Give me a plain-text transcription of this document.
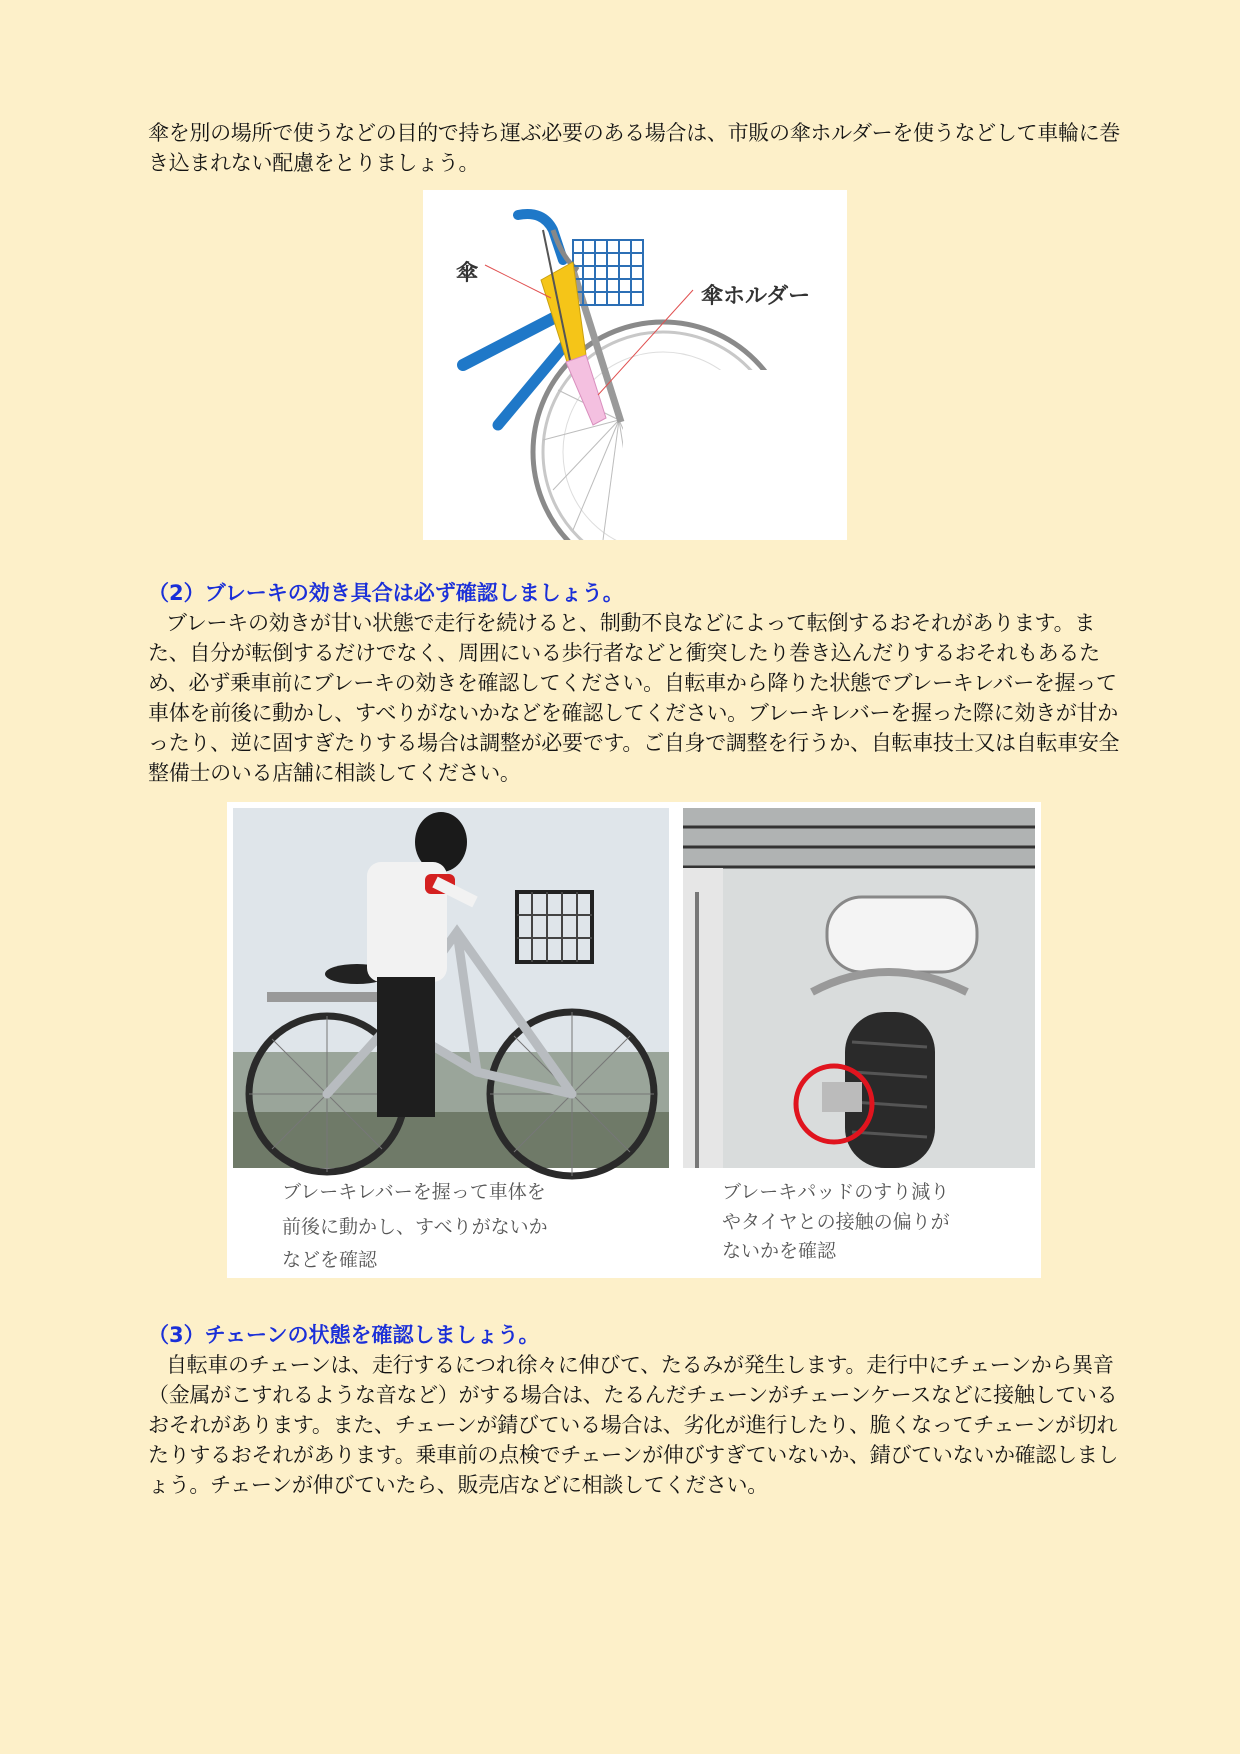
傘を別の場所で使うなどの目的で持ち運ぶ必要のある場合は、市販の傘ホルダーを使うなどして車輪に巻き込まれない配慮をとりましょう。

傘
傘ホルダー

（2）ブレーキの効き具合は必ず確認しましょう。

ブレーキの効きが甘い状態で走行を続けると、制動不良などによって転倒するおそれがあります。また、自分が転倒するだけでなく、周囲にいる歩行者などと衝突したり巻き込んだりするおそれもあるため、必ず乗車前にブレーキの効きを確認してください。自転車から降りた状態でブレーキレバーを握って車体を前後に動かし、すべりがないかなどを確認してください。ブレーキレバーを握った際に効きが甘かったり、逆に固すぎたりする場合は調整が必要です。ご自身で調整を行うか、自転車技士又は自転車安全整備士のいる店舗に相談してください。

ブレーキレバーを握って車体を
前後に動かし、すべりがないか
などを確認
ブレーキパッドのすり減り
やタイヤとの接触の偏りが
ないかを確認

（3）チェーンの状態を確認しましょう。

自転車のチェーンは、走行するにつれ徐々に伸びて、たるみが発生します。走行中にチェーンから異音（金属がこすれるような音など）がする場合は、たるんだチェーンがチェーンケースなどに接触しているおそれがあります。また、チェーンが錆びている場合は、劣化が進行したり、脆くなってチェーンが切れたりするおそれがあります。乗車前の点検でチェーンが伸びすぎていないか、錆びていないか確認しましょう。チェーンが伸びていたら、販売店などに相談してください。
